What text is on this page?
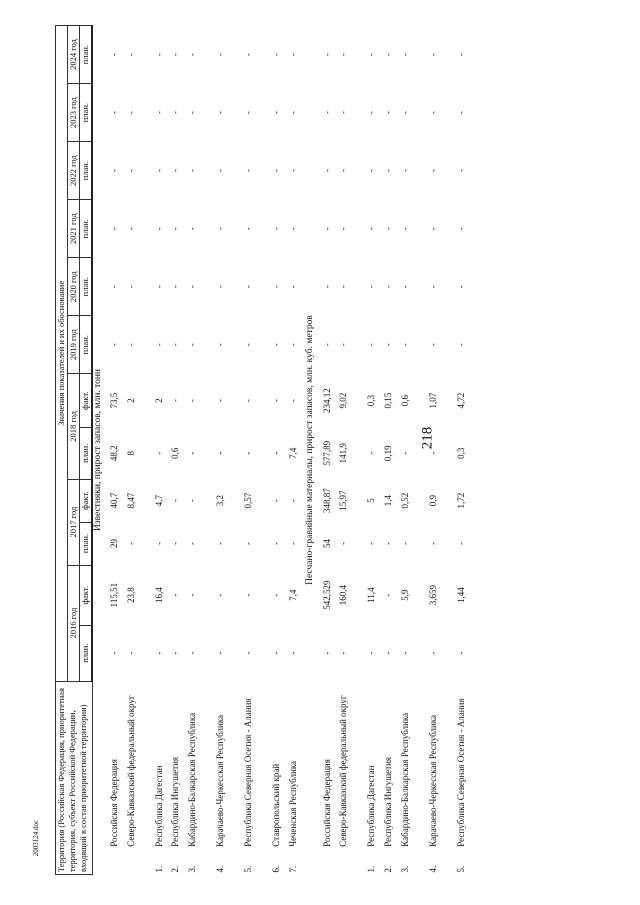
218
2003124.doc Территория (Российская Федерация, приоритетная территория, субъект Российской Федерации, входящий в состав приоритетной территории)		Значения показателей и их обоснование											
		2016 год		2017 год		2018 год		2019 год	2020 год	2021 год	2022 год	2023 год	2024 год
		план.	факт.	план.	факт.	план.	факт.	план.	план.	план.	план.	план.	план.
Известняки, прирост запасов, млн. тонн													
	Российская Федерация	-	115,51	29	40,7	48,2	73,5	-	-	-	-	-	-
	Северо-Кавказский федеральный округ	-	23,8	-	8,47	8	2	-	-	-	-	-	-
1.	Республика Дагестан	-	16,4	-	4,7	-	2	-	-	-	-	-	-
2.	Республика Ингушетия	-	-	-	-	0,6	-	-	-	-	-	-	-
3.	Кабардино-Балкарская Республика	-	-	-	-	-	-	-	-	-	-	-	-
4.	Карачаево-Черкесская Республика	-	-	-	3,2	-	-	-	-	-	-	-	-
5.	Республика Северная Осетия - Алания	-	-	-	0,57	-	-	-	-	-	-	-	-
6.	Ставропольский край	-	-	-	-	-	-	-	-	-	-	-	-
7.	Чеченская Республика	-	7,4	-	-	7,4	-	-	-	-	-	-	-
Песчано-гравийные материалы, прирост запасов, млн. куб. метров													
	Российская Федерация	-	542,529	54	348,87	577,89	234,12	-	-	-	-	-	-
	Северо-Кавказский федеральный округ	-	160,4	-	15,97	141,9	9,02	-	-	-	-	-	-
1.	Республика Дагестан	-	11,4	-	5	-	0,3	-	-	-	-	-	-
2.	Республика Ингушетия	-	-	-	1,4	0,19	0,15	-	-	-	-	-	-
3.	Кабардино-Балкарская Республика	-	5,9	-	0,52	-	0,6	-	-	-	-	-	-
4.	Карачаево-Черкесская Республика	-	3,659	-	0,9	-	1,07	-	-	-	-	-	-
5.	Республика Северная Осетия - Алания	-	1,44	-	1,72	0,3	4,72	-	-	-	-	-	-
